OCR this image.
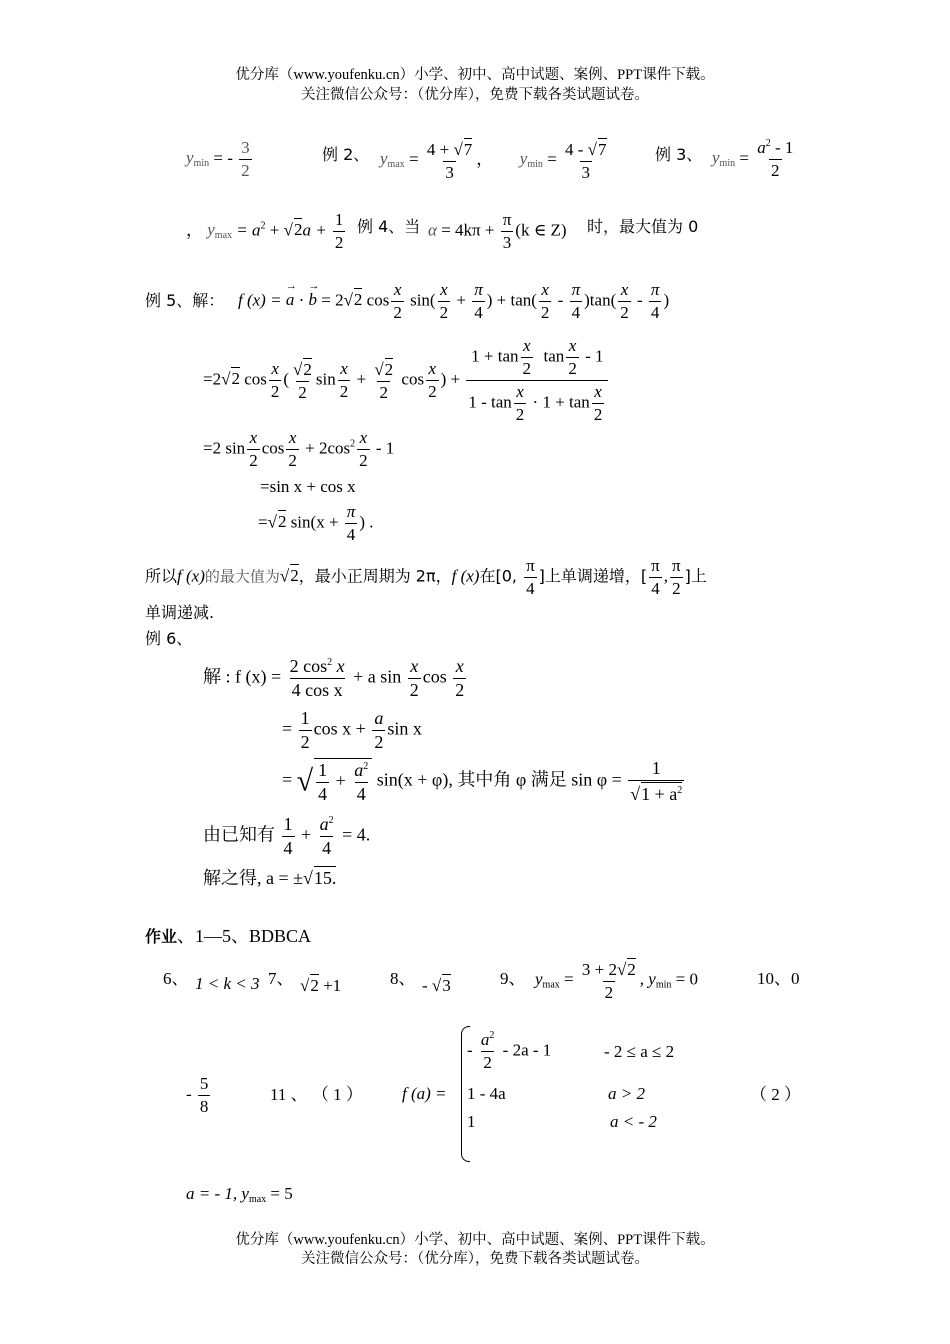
优分库（www.youfenku.cn）小学、初中、高中试题、案例、PPT课件下载。
关注微信公众号：（优分库），免费下载各类试题试卷。
$y_{min}$ = - $\frac{3}{2}$	例 2、 $y_{max} = \frac{4 + √7}{3}$ ， $y_{min} = \frac{4 - √7}{3}$	例 3、 $y_{min} = \frac{a^2 - 1}{2}$
， $y_{max} = a^2 + √2a + \frac{1}{2}$ 例 4、当 $\alpha = 4k\pi + \frac{\pi}{3} (k$ ∈ Z) 时，最大值为 0
例 5、解： f (x) =
→
a ·
→
b = 2√2 $\cos \frac{x}{2} \sin( \frac{x}{2} + \frac{\pi}{4}$ ) + $\tan( \frac{x}{2} - \frac{\pi}{4} )\tan( \frac{x}{2} - \frac{\pi}{4}$ )
=2√2 $\cos \frac{x}{2}$ ( $\frac{√2}{2}$ $\sin \frac{x}{2} + \frac{√2}{2}$ $\cos \frac{x}{2}$ ) + $\frac{1 + \tan \frac{x}{2} \tan \frac{x}{2} - 1}{1 - \tan \frac{x}{2} \cdot 1 + \tan \frac{x}{2}}$
=2 $\sin \frac{x}{2}$ $\cos \frac{x}{2} + 2\cos^2 \frac{x}{2} - 1$
=sin x + cos x
=√2 $\sin(x + \frac{\pi}{4}$ ) .
所以f (x)的最大值为√2，最小正周期为 2π，f (x)在[0, $\frac{\pi}{4}$ ]上单调递增，[ $\frac{\pi}{4}$ , $\frac{\pi}{2}$ ]上
单调递减.
例 6、
解 : f $(x) = \frac{2 \cos^2 x}{\text{4 cos x}} + a$ $\sin \frac{x}{2}$ $\cos \frac{x}{2}$
= $\frac{1}{2}$ $\cos x + \frac{a}{2}$ sin x
= √ $\frac{1}{4} + \frac{a^2}{4} \sin(x + \varphi)$, 其中角 φ 满足 $\sin \varphi = \frac{1}{√1 + a^2}$
由已知有 $\frac{1}{4} + \frac{a^2}{4} = 4$.
解之得, a = ±√15.
作业、1—5、BDBCA
6、 1 < k < 3 7、 √2 +1	8、 - √3	9、 $y_{max} = \frac{3 + 2√2}{2}$ , $y_{min} = 0$	10、0
- $\frac{5}{8}$	11 、 （ 1 ） f (a) =
- $\frac{a^2}{2} - 2a - 1$	- 2 ≤ a ≤ 2
1 - 4a	a > 2
1	a < - 2
（ 2 ）
a = - 1, $y_{max} = 5$
优分库（www.youfenku.cn）小学、初中、高中试题、案例、PPT课件下载。
关注微信公众号：（优分库），免费下载各类试题试卷。
